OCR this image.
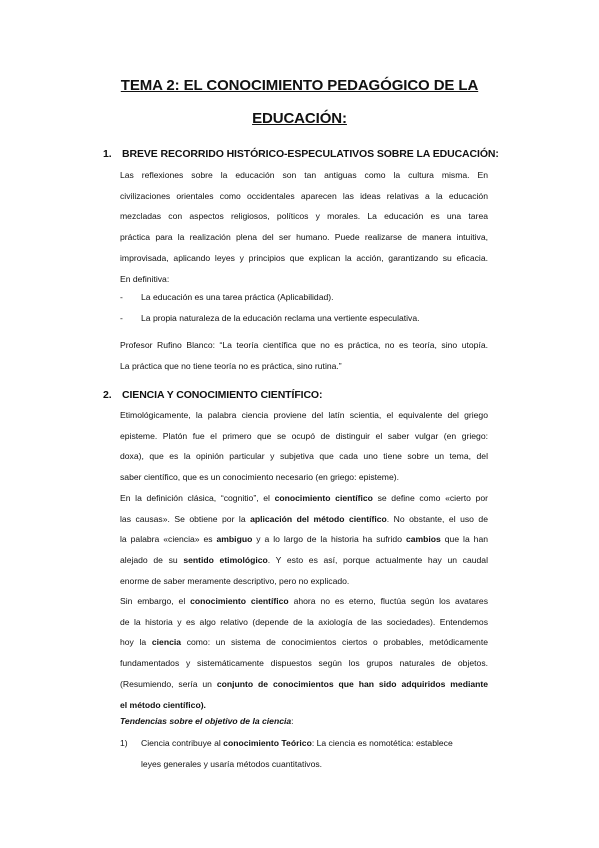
TEMA 2: EL CONOCIMIENTO PEDAGÓGICO DE LA
EDUCACIÓN:
1. BREVE RECORRIDO HISTÓRICO-ESPECULATIVOS SOBRE LA EDUCACIÓN:
Las reflexiones sobre la educación son tan antiguas como la cultura misma. En
civilizaciones orientales como occidentales aparecen las ideas relativas a la educación
mezcladas con aspectos religiosos, políticos y morales. La educación es una tarea
práctica para la realización plena del ser humano. Puede realizarse de manera intuitiva,
improvisada, aplicando leyes y principios que explican la acción, garantizando su eficacia.
En definitiva:
- La educación es una tarea práctica (Aplicabilidad).
- La propia naturaleza de la educación reclama una vertiente especulativa.
Profesor Rufino Blanco: “La teoría científica que no es práctica, no es teoría, sino utopía.
La práctica que no tiene teoría no es práctica, sino rutina.”
2. CIENCIA Y CONOCIMIENTO CIENTÍFICO:
Etimológicamente, la palabra ciencia proviene del latín scientia, el equivalente del griego
episteme. Platón fue el primero que se ocupó de distinguir el saber vulgar (en griego:
doxa), que es la opinión particular y subjetiva que cada uno tiene sobre un tema, del
saber científico, que es un conocimiento necesario (en griego: episteme).
En la definición clásica, “cognitio”, el conocimiento científico se define como «cierto por
las causas». Se obtiene por la aplicación del método científico. No obstante, el uso de
la palabra «ciencia» es ambiguo y a lo largo de la historia ha sufrido cambios que la han
alejado de su sentido etimológico. Y esto es así, porque actualmente hay un caudal
enorme de saber meramente descriptivo, pero no explicado.
Sin embargo, el conocimiento científico ahora no es eterno, fluctúa según los avatares
de la historia y es algo relativo (depende de la axiología de las sociedades). Entendemos
hoy la ciencia como: un sistema de conocimientos ciertos o probables, metódicamente
fundamentados y sistemáticamente dispuestos según los grupos naturales de objetos.
(Resumiendo, sería un conjunto de conocimientos que han sido adquiridos mediante
el método científico).
Tendencias sobre el objetivo de la ciencia:
1) Ciencia contribuye al conocimiento Teórico: La ciencia es nomotética: establece
leyes generales y usaría métodos cuantitativos.
